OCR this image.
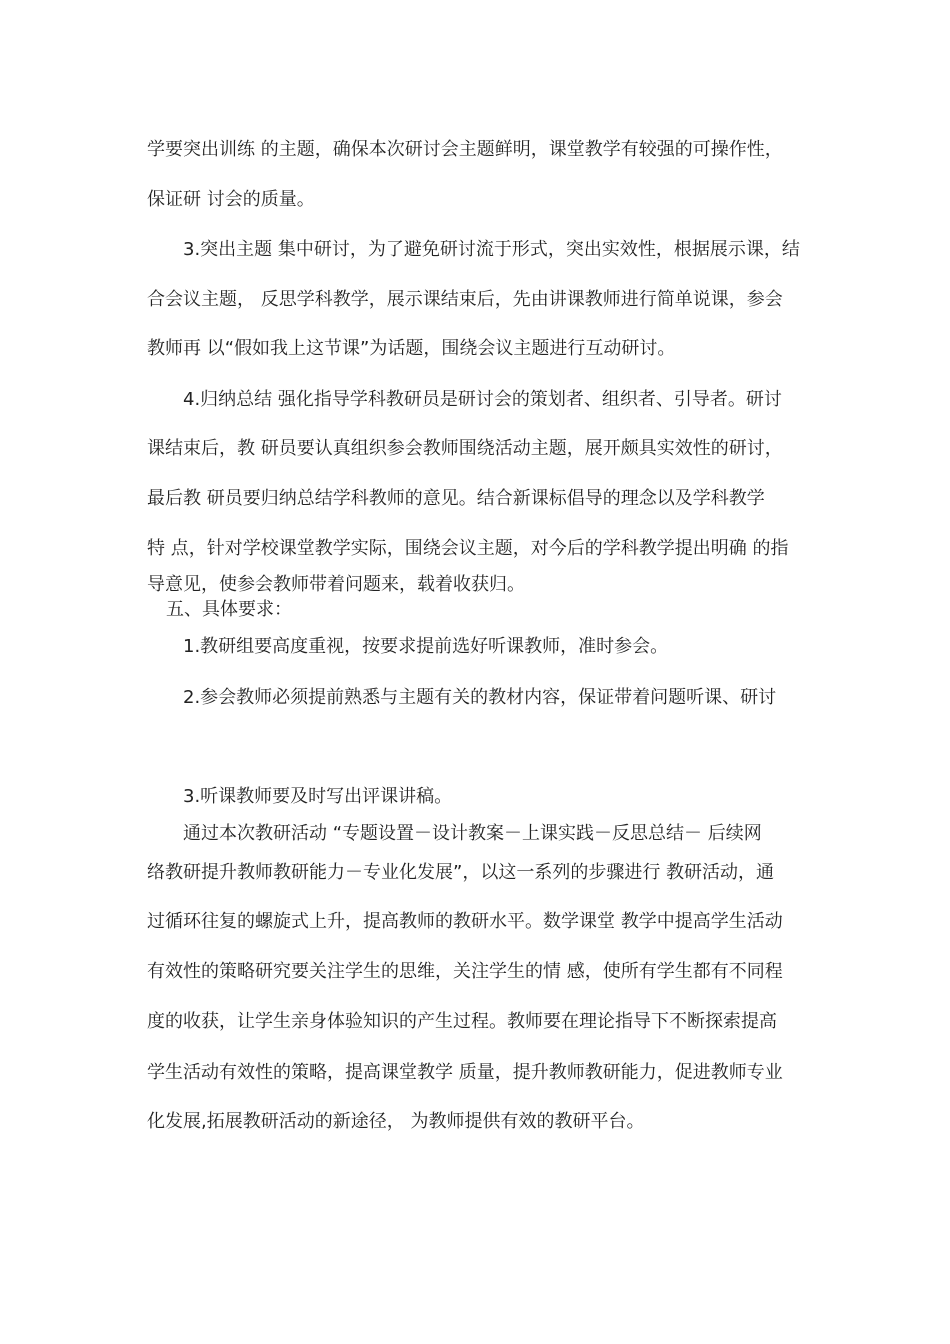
学要突出训练 的主题，确保本次研讨会主题鲜明，课堂教学有较强的可操作性，
保证研 讨会的质量。
3.突出主题 集中研讨，为了避免研讨流于形式，突出实效性，根据展示课，结
合会议主题， 反思学科教学，展示课结束后，先由讲课教师进行简单说课，参会
教师再 以“假如我上这节课”为话题，围绕会议主题进行互动研讨。
4.归纳总结 强化指导学科教研员是研讨会的策划者、组织者、引导者。研讨
课结束后，教 研员要认真组织参会教师围绕活动主题，展开颇具实效性的研讨，
最后教 研员要归纳总结学科教师的意见。结合新课标倡导的理念以及学科教学
特 点，针对学校课堂教学实际，围绕会议主题，对今后的学科教学提出明确 的指
导意见，使参会教师带着问题来，载着收获归。
五、具体要求：
1.教研组要高度重视，按要求提前选好听课教师，准时参会。
2.参会教师必须提前熟悉与主题有关的教材内容，保证带着问题听课、研讨
3.听课教师要及时写出评课讲稿。
通过本次教研活动 “专题设置－设计教案－上课实践－反思总结－ 后续网
络教研提升教师教研能力－专业化发展”，以这一系列的步骤进行 教研活动，通
过循环往复的螺旋式上升，提高教师的教研水平。数学课堂 教学中提高学生活动
有效性的策略研究要关注学生的思维，关注学生的情 感，使所有学生都有不同程
度的收获，让学生亲身体验知识的产生过程。教师要在理论指导下不断探索提高
学生活动有效性的策略，提高课堂教学 质量，提升教师教研能力，促进教师专业
化发展,拓展教研活动的新途径， 为教师提供有效的教研平台。
